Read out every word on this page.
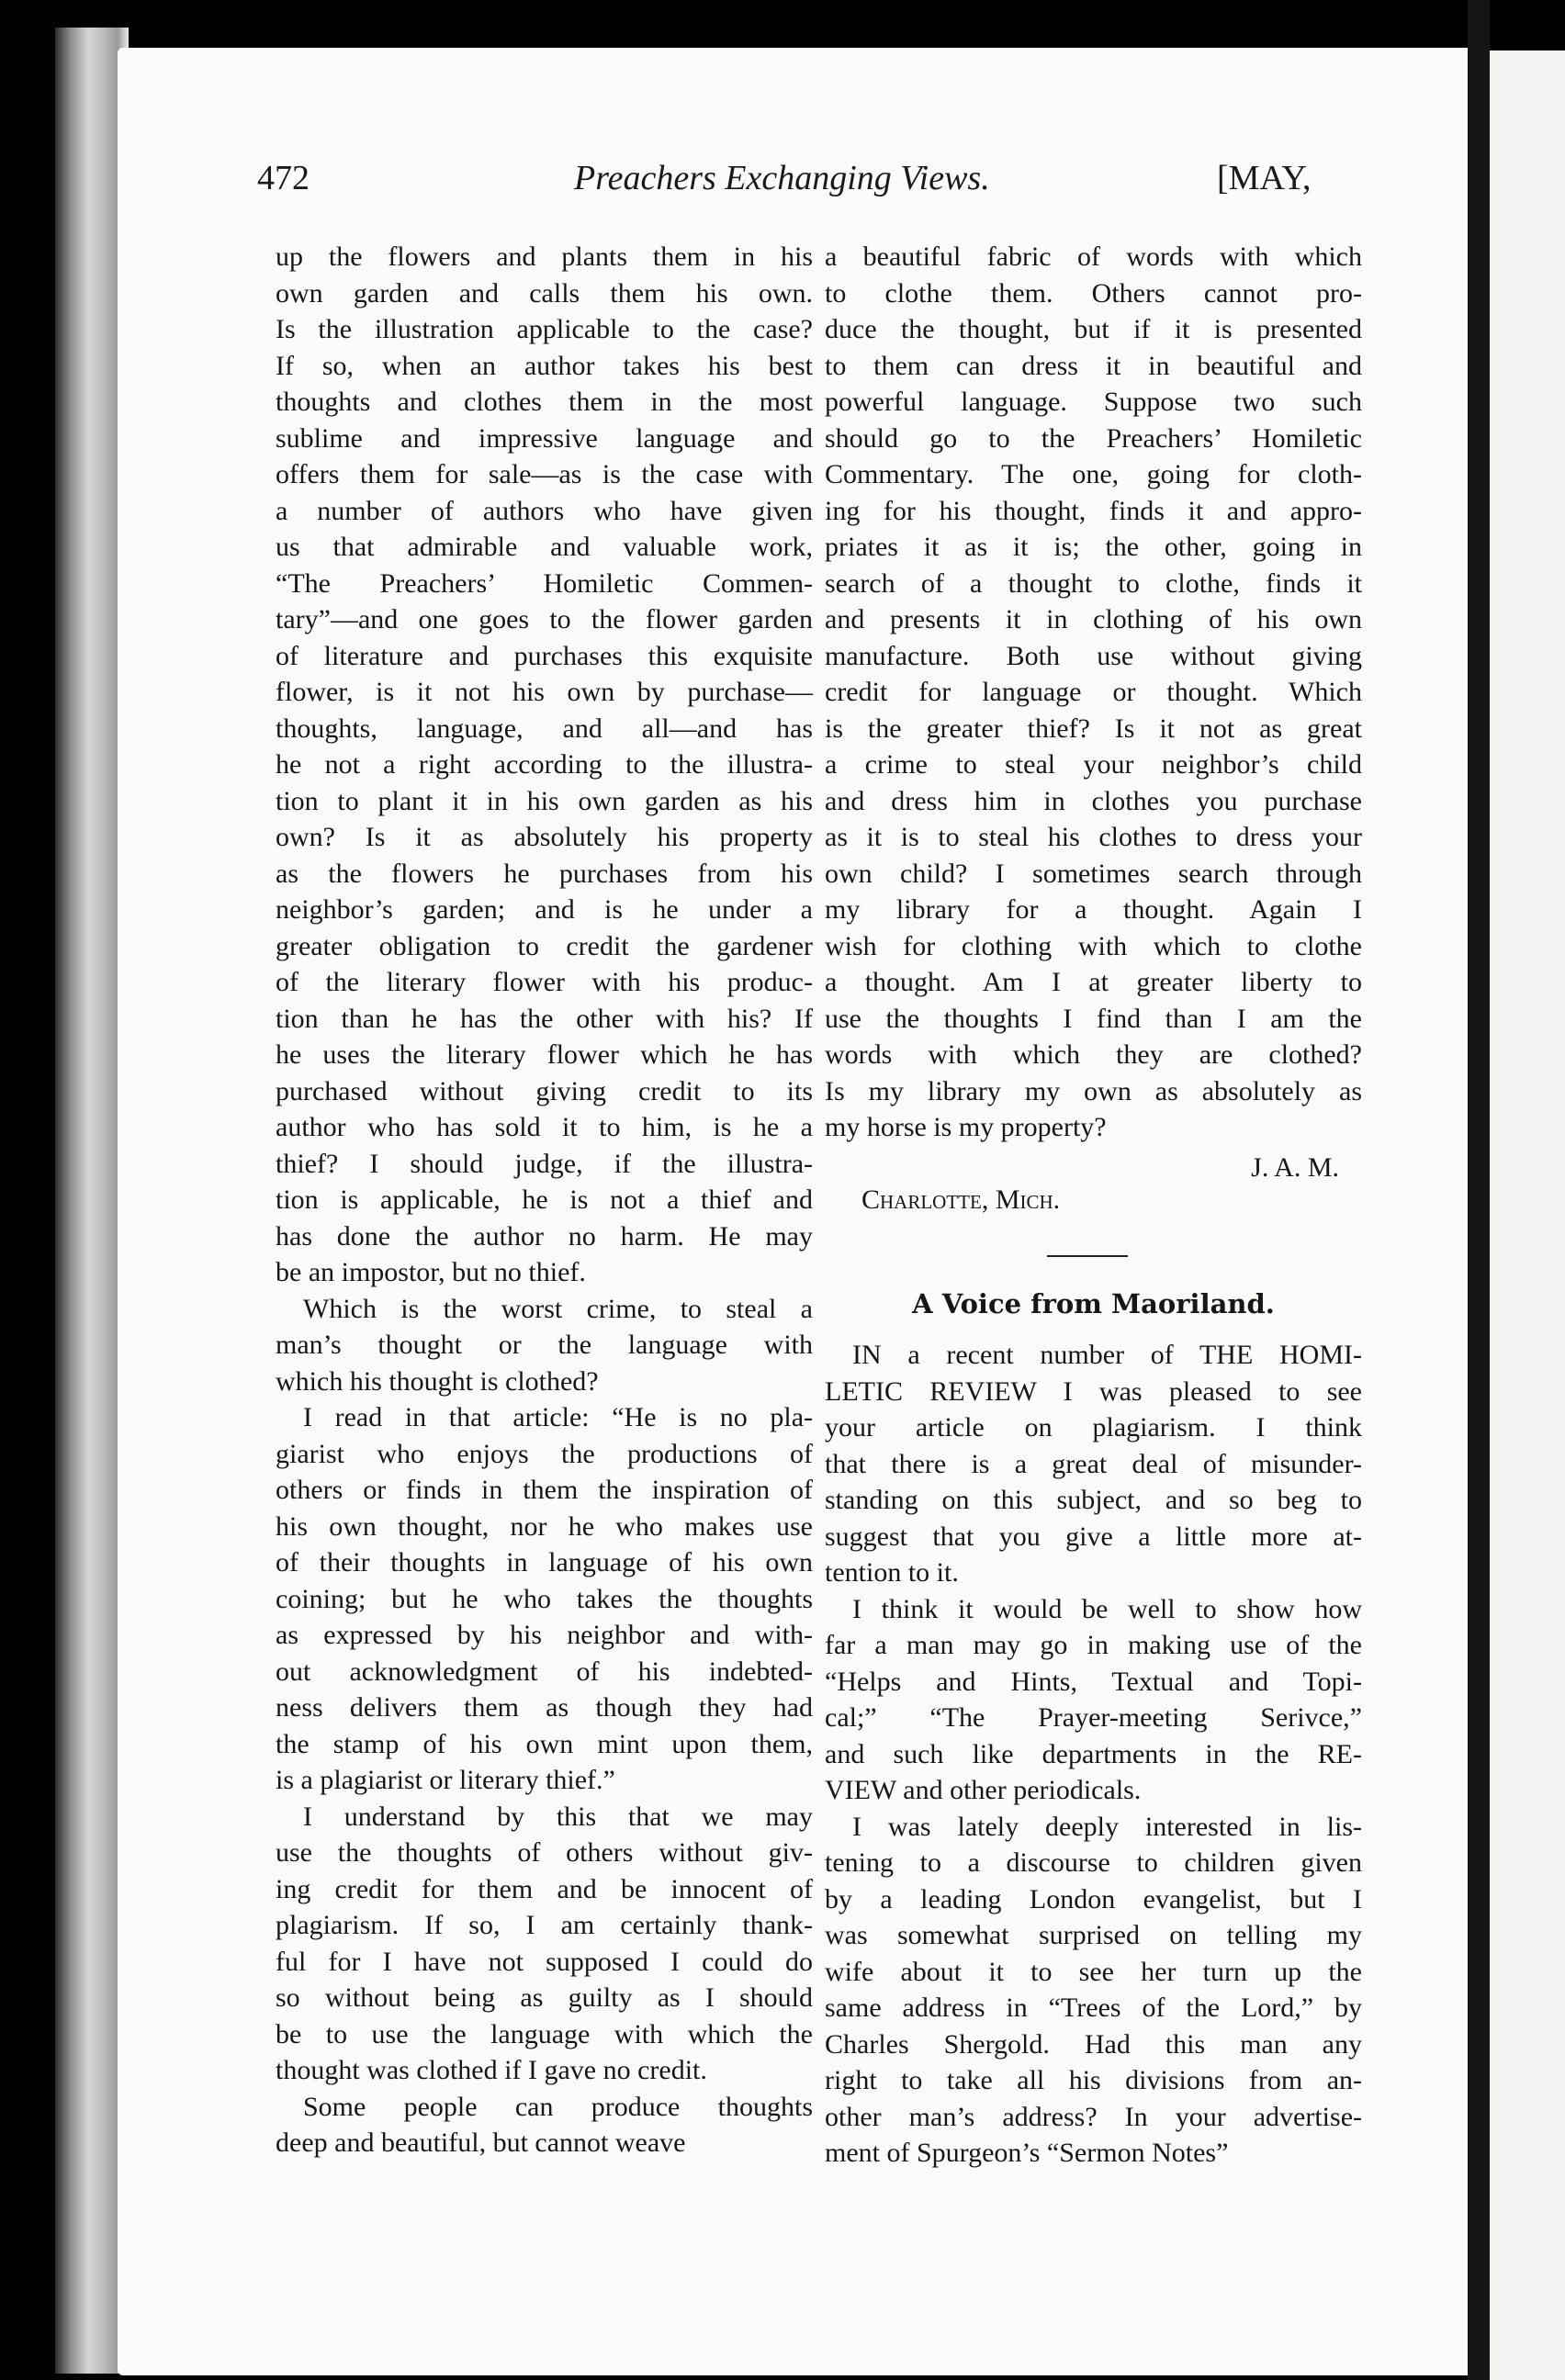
472	Preachers Exchanging Views.	[MAY,
up the flowers and plants them in his
own garden and calls them his own.
Is the illustration applicable to the case?
If so, when an author takes his best
thoughts and clothes them in the most
sublime and impressive language and
offers them for sale—as is the case with
a number of authors who have given
us that admirable and valuable work,
“The Preachers’ Homiletic Commen-
tary”—and one goes to the flower garden
of literature and purchases this exquisite
flower, is it not his own by purchase—
thoughts, language, and all—and has
he not a right according to the illustra-
tion to plant it in his own garden as his
own? Is it as absolutely his property
as the flowers he purchases from his
neighbor’s garden; and is he under a
greater obligation to credit the gardener
of the literary flower with his produc-
tion than he has the other with his? If
he uses the literary flower which he has
purchased without giving credit to its
author who has sold it to him, is he a
thief? I should judge, if the illustra-
tion is applicable, he is not a thief and
has done the author no harm. He may
be an impostor, but no thief.
Which is the worst crime, to steal a
man’s thought or the language with
which his thought is clothed?
I read in that article: “He is no pla-
giarist who enjoys the productions of
others or finds in them the inspiration of
his own thought, nor he who makes use
of their thoughts in language of his own
coining; but he who takes the thoughts
as expressed by his neighbor and with-
out acknowledgment of his indebted-
ness delivers them as though they had
the stamp of his own mint upon them,
is a plagiarist or literary thief.”
I understand by this that we may
use the thoughts of others without giv-
ing credit for them and be innocent of
plagiarism. If so, I am certainly thank-
ful for I have not supposed I could do
so without being as guilty as I should
be to use the language with which the
thought was clothed if I gave no credit.
Some people can produce thoughts
deep and beautiful, but cannot weave
a beautiful fabric of words with which
to clothe them. Others cannot pro-
duce the thought, but if it is presented
to them can dress it in beautiful and
powerful language. Suppose two such
should go to the Preachers’ Homiletic
Commentary. The one, going for cloth-
ing for his thought, finds it and appro-
priates it as it is; the other, going in
search of a thought to clothe, finds it
and presents it in clothing of his own
manufacture. Both use without giving
credit for language or thought. Which
is the greater thief? Is it not as great
a crime to steal your neighbor’s child
and dress him in clothes you purchase
as it is to steal his clothes to dress your
own child? I sometimes search through
my library for a thought. Again I
wish for clothing with which to clothe
a thought. Am I at greater liberty to
use the thoughts I find than I am the
words with which they are clothed?
Is my library my own as absolutely as
my horse is my property?
J. A. M.
Charlotte, Mich.
A Voice from Maoriland.
IN a recent number of THE HOMI-
LETIC REVIEW I was pleased to see
your article on plagiarism. I think
that there is a great deal of misunder-
standing on this subject, and so beg to
suggest that you give a little more at-
tention to it.
I think it would be well to show how
far a man may go in making use of the
“Helps and Hints, Textual and Topi-
cal;” “The Prayer-meeting Serivce,”
and such like departments in the RE-
VIEW and other periodicals.
I was lately deeply interested in lis-
tening to a discourse to children given
by a leading London evangelist, but I
was somewhat surprised on telling my
wife about it to see her turn up the
same address in “Trees of the Lord,” by
Charles Shergold. Had this man any
right to take all his divisions from an-
other man’s address? In your advertise-
ment of Spurgeon’s “Sermon Notes”
